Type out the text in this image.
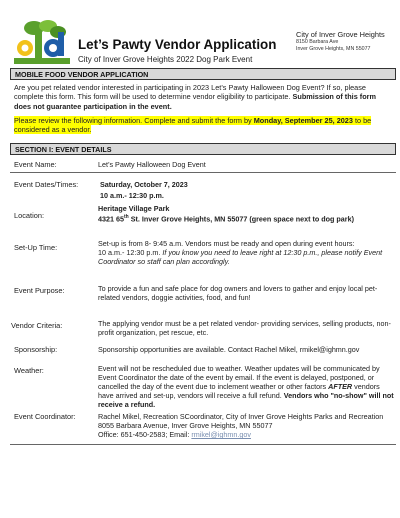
Let’s Pawty Vendor Application
City of Inver Grove Heights 2022 Dog Park Event
City of Inver Grove Heights
8150 Barbara Ave
Inver Grove Heights, MN 55077
MOBILE FOOD VENDOR APPLICATION
Are you pet related vendor interested in participating in 2023 Let’s Pawty Halloween Dog Event? If so, please complete this form. This form will be used to determine vendor eligibility to participate. Submission of this form does not guarantee participation in the event.
Please review the following information. Complete and submit the form by Monday, September 25, 2023 to be considered as a vendor.
SECTION I: EVENT DETAILS
Event Name:	Let’s Pawty Halloween Dog Event
Event Dates/Times:	Saturday, October 7, 2023
10 a.m.- 12:30 p.m.
Location:
Heritage Village Park
4321 65th St. Inver Grove Heights, MN 55077 (green space next to dog park)
Set-Up Time:	Set-up is from 8- 9:45 a.m. Vendors must be ready and open during event hours:
10 a.m.- 12:30 p.m. If you know you need to leave right at 12:30 p.m., please notify Event Coordinator so staff can plan accordingly.
Event Purpose:	To provide a fun and safe place for dog owners and lovers to gather and enjoy local pet-related vendors, doggie activities, food, and fun!
Vendor Criteria:	The applying vendor must be a pet related vendor- providing services, selling products, non-profit organization, pet rescue, etc.
Sponsorship:	Sponsorship opportunities are available. Contact Rachel Mikel, rmikel@ighmn.gov
Weather:	Event will not be rescheduled due to weather. Weather updates will be communicated by Event Coordinator the date of the event by email. If the event is delayed, postponed, or cancelled the day of the event due to inclement weather or other factors AFTER vendors have arrived and set-up, vendors will receive a full refund. Vendors who "no-show" will not receive a refund.
Event Coordinator:	Rachel Mikel, Recreation SCoordinator, City of Inver Grove Heights Parks and Recreation 8055 Barbara Avenue, Inver Grove Heights, MN 55077
Office: 651-450-2583; Email: rmikel@ighmn.gov
